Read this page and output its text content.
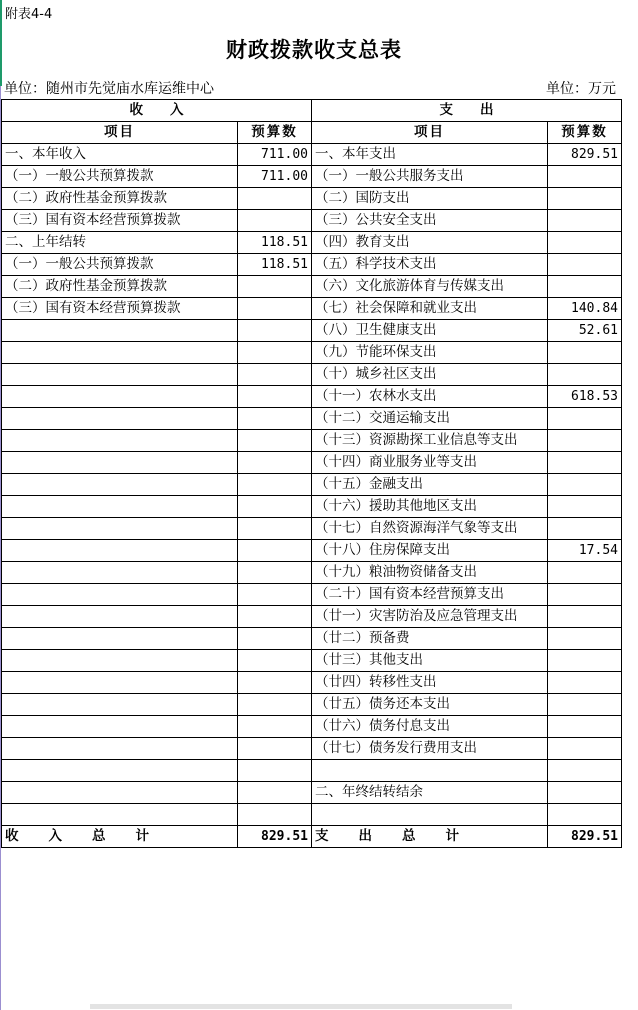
附表4-4
财政拨款收支总表
单位：随州市先觉庙水库运维中心	单位：万元
收　　入		支　　出	
项目	预算数	项目	预算数
一、本年收入	711.00	一、本年支出	829.51
（一）一般公共预算拨款	711.00	（一）一般公共服务支出	
（二）政府性基金预算拨款		（二）国防支出	
（三）国有资本经营预算拨款		（三）公共安全支出	
二、上年结转	118.51	（四）教育支出	
（一）一般公共预算拨款	118.51	（五）科学技术支出	
（二）政府性基金预算拨款		（六）文化旅游体育与传媒支出	
（三）国有资本经营预算拨款		（七）社会保障和就业支出	140.84
		（八）卫生健康支出	52.61
		（九）节能环保支出	
		（十）城乡社区支出	
		（十一）农林水支出	618.53
		（十二）交通运输支出	
		（十三）资源勘探工业信息等支出	
		（十四）商业服务业等支出	
		（十五）金融支出	
		（十六）援助其他地区支出	
		（十七）自然资源海洋气象等支出	
		（十八）住房保障支出	17.54
		（十九）粮油物资储备支出	
		（二十）国有资本经营预算支出	
		（廿一）灾害防治及应急管理支出	
		（廿二）预备费	
		（廿三）其他支出	
		（廿四）转移性支出	
		（廿五）债务还本支出	
		（廿六）债务付息支出	
		（廿七）债务发行费用支出	

		二、年终结转结余	

收　　入　　总　　计	829.51	支　　出　　总　　计	829.51
